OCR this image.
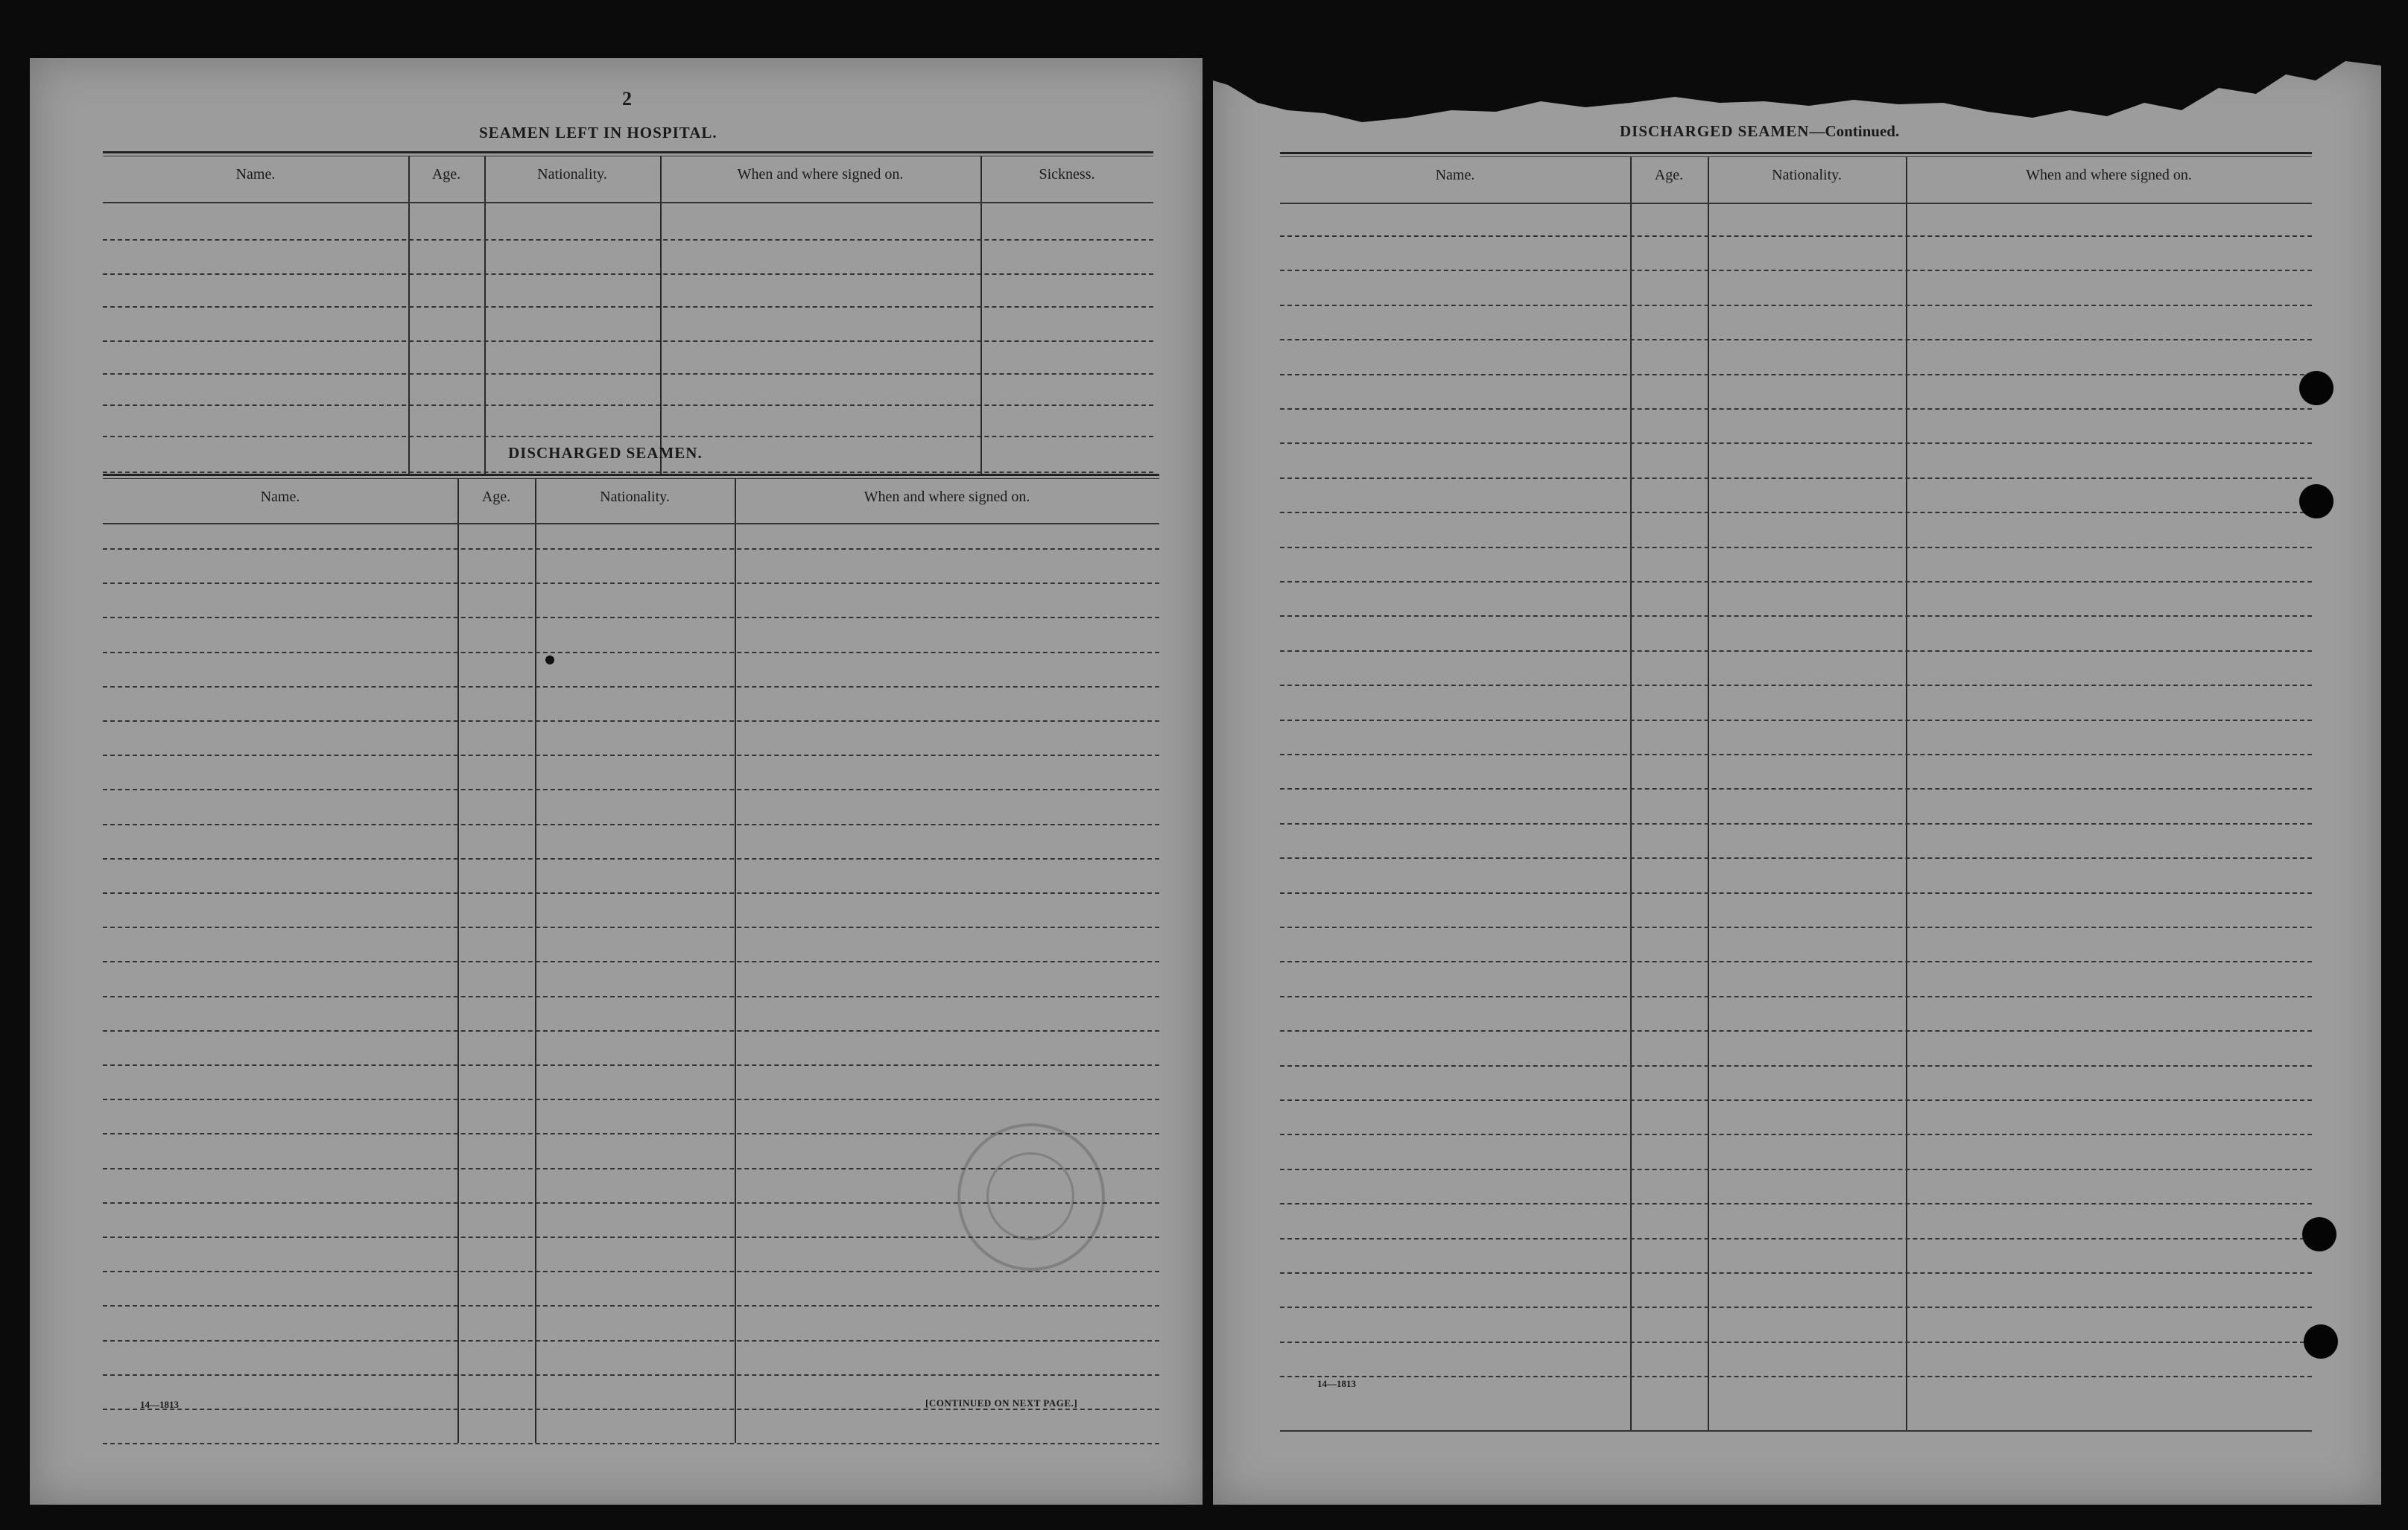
2
SEAMEN LEFT IN HOSPITAL.
Name.	Age.	Nationality.	When and where signed on.	Sickness.
DISCHARGED SEAMEN.
Name.	Age.	Nationality.	When and where signed on.
14—1813	[CONTINUED ON NEXT PAGE.]
DISCHARGED SEAMEN—Continued.
Name.	Age.	Nationality.	When and where signed on.
14—1813
